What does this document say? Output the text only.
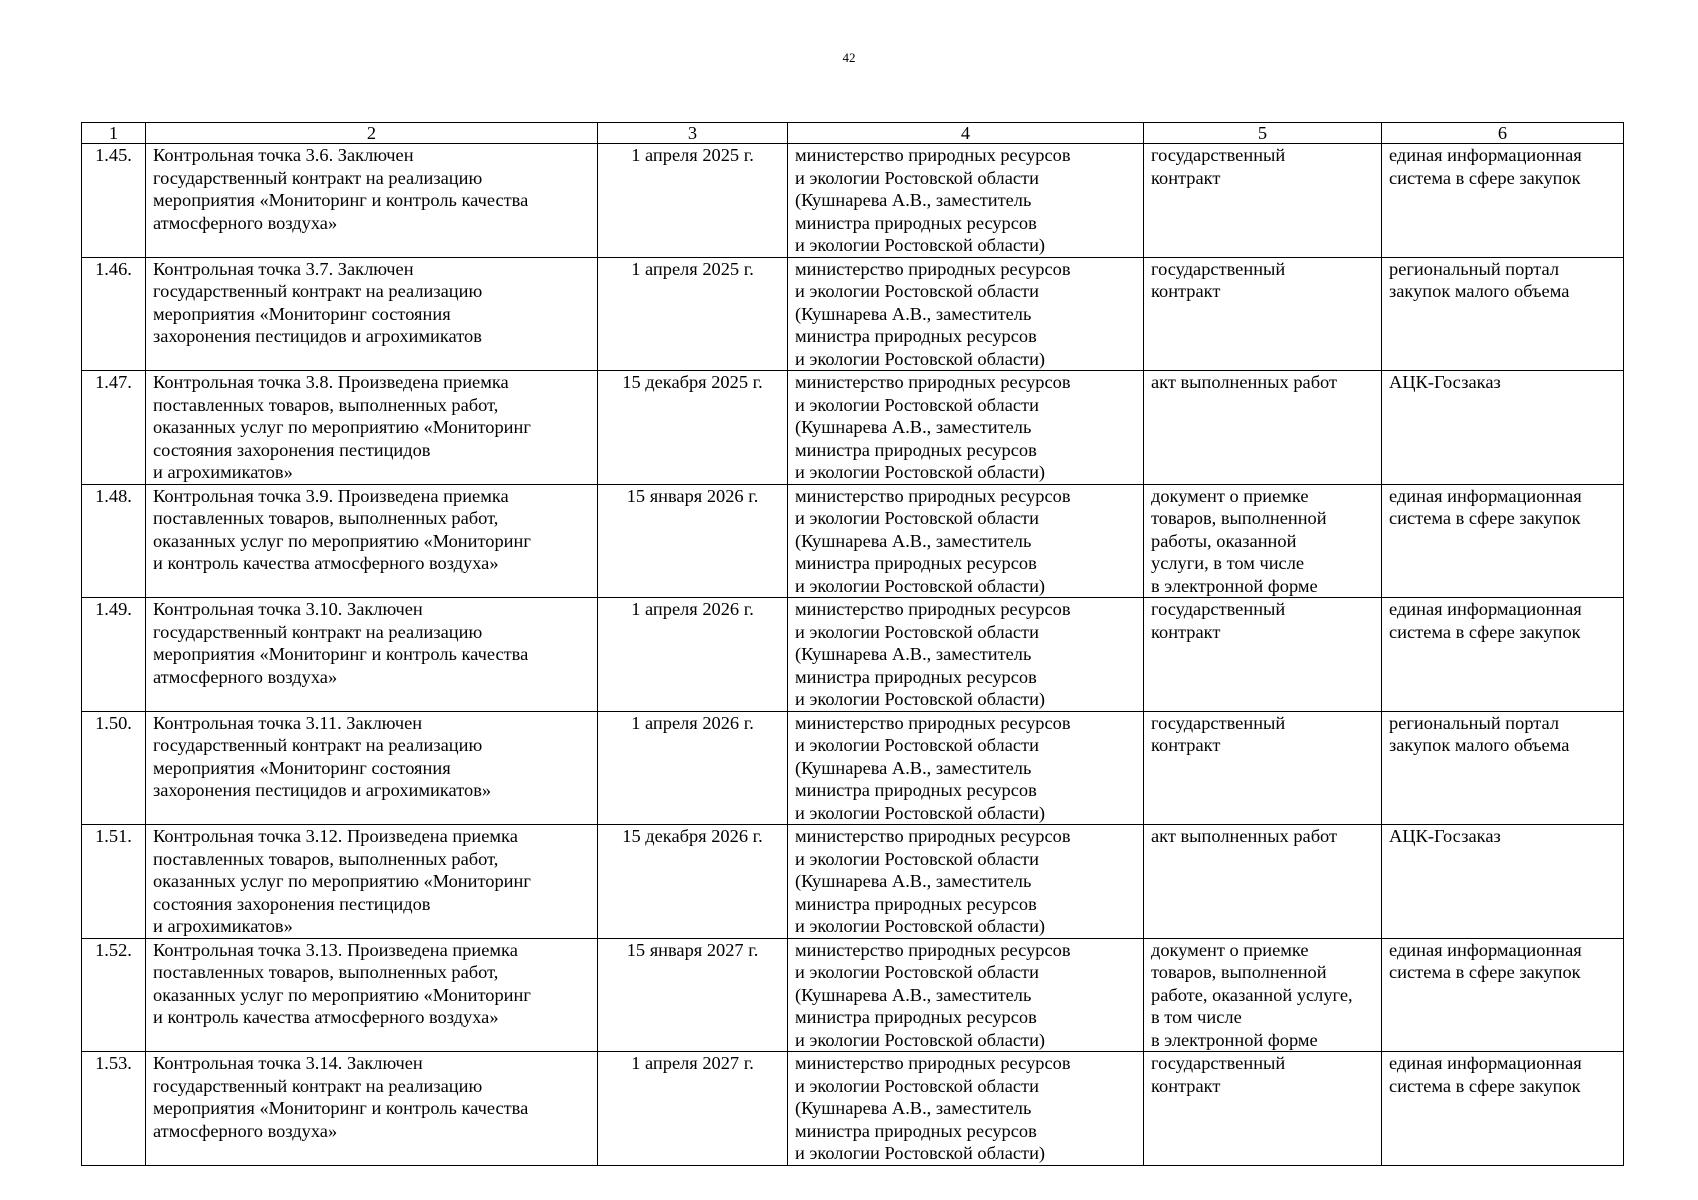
42
1	2	3	4	5	6
1.45.	Контрольная точка 3.6. Заключен
государственный контракт на реализацию
мероприятия «Мониторинг и контроль качества
атмосферного воздуха»	1 апреля 2025 г.	министерство природных ресурсов
и экологии Ростовской области
(Кушнарева А.В., заместитель
министра природных ресурсов
и экологии Ростовской области)	государственный
контракт	единая информационная
система в сфере закупок

1.46.	Контрольная точка 3.7. Заключен
государственный контракт на реализацию
мероприятия «Мониторинг состояния
захоронения пестицидов и агрохимикатов	1 апреля 2025 г.	министерство природных ресурсов
и экологии Ростовской области
(Кушнарева А.В., заместитель
министра природных ресурсов
и экологии Ростовской области)	государственный
контракт	региональный портал
закупок малого объема

1.47.	Контрольная точка 3.8. Произведена приемка
поставленных товаров, выполненных работ,
оказанных услуг по мероприятию «Мониторинг
состояния захоронения пестицидов
и агрохимикатов»	15 декабря 2025 г.	министерство природных ресурсов
и экологии Ростовской области
(Кушнарева А.В., заместитель
министра природных ресурсов
и экологии Ростовской области)	акт выполненных работ	АЦК-Госзаказ

1.48.	Контрольная точка 3.9. Произведена приемка
поставленных товаров, выполненных работ,
оказанных услуг по мероприятию «Мониторинг
и контроль качества атмосферного воздуха»	15 января 2026 г.	министерство природных ресурсов
и экологии Ростовской области
(Кушнарева А.В., заместитель
министра природных ресурсов
и экологии Ростовской области)	документ о приемке
товаров, выполненной
работы, оказанной
услуги, в том числе
в электронной форме	единая информационная
система в сфере закупок

1.49.	Контрольная точка 3.10. Заключен
государственный контракт на реализацию
мероприятия «Мониторинг и контроль качества
атмосферного воздуха»	1 апреля 2026 г.	министерство природных ресурсов
и экологии Ростовской области
(Кушнарева А.В., заместитель
министра природных ресурсов
и экологии Ростовской области)	государственный
контракт	единая информационная
система в сфере закупок

1.50.	Контрольная точка 3.11. Заключен
государственный контракт на реализацию
мероприятия «Мониторинг состояния
захоронения пестицидов и агрохимикатов»	1 апреля 2026 г.	министерство природных ресурсов
и экологии Ростовской области
(Кушнарева А.В., заместитель
министра природных ресурсов
и экологии Ростовской области)	государственный
контракт	региональный портал
закупок малого объема

1.51.	Контрольная точка 3.12. Произведена приемка
поставленных товаров, выполненных работ,
оказанных услуг по мероприятию «Мониторинг
состояния захоронения пестицидов
и агрохимикатов»	15 декабря 2026 г.	министерство природных ресурсов
и экологии Ростовской области
(Кушнарева А.В., заместитель
министра природных ресурсов
и экологии Ростовской области)	акт выполненных работ	АЦК-Госзаказ

1.52.	Контрольная точка 3.13. Произведена приемка
поставленных товаров, выполненных работ,
оказанных услуг по мероприятию «Мониторинг
и контроль качества атмосферного воздуха»	15 января 2027 г.	министерство природных ресурсов
и экологии Ростовской области
(Кушнарева А.В., заместитель
министра природных ресурсов
и экологии Ростовской области)	документ о приемке
товаров, выполненной
работе, оказанной услуге,
в том числе
в электронной форме	единая информационная
система в сфере закупок

1.53.	Контрольная точка 3.14. Заключен
государственный контракт на реализацию
мероприятия «Мониторинг и контроль качества
атмосферного воздуха»	1 апреля 2027 г.	министерство природных ресурсов
и экологии Ростовской области
(Кушнарева А.В., заместитель
министра природных ресурсов
и экологии Ростовской области)	государственный
контракт	единая информационная
система в сфере закупок
